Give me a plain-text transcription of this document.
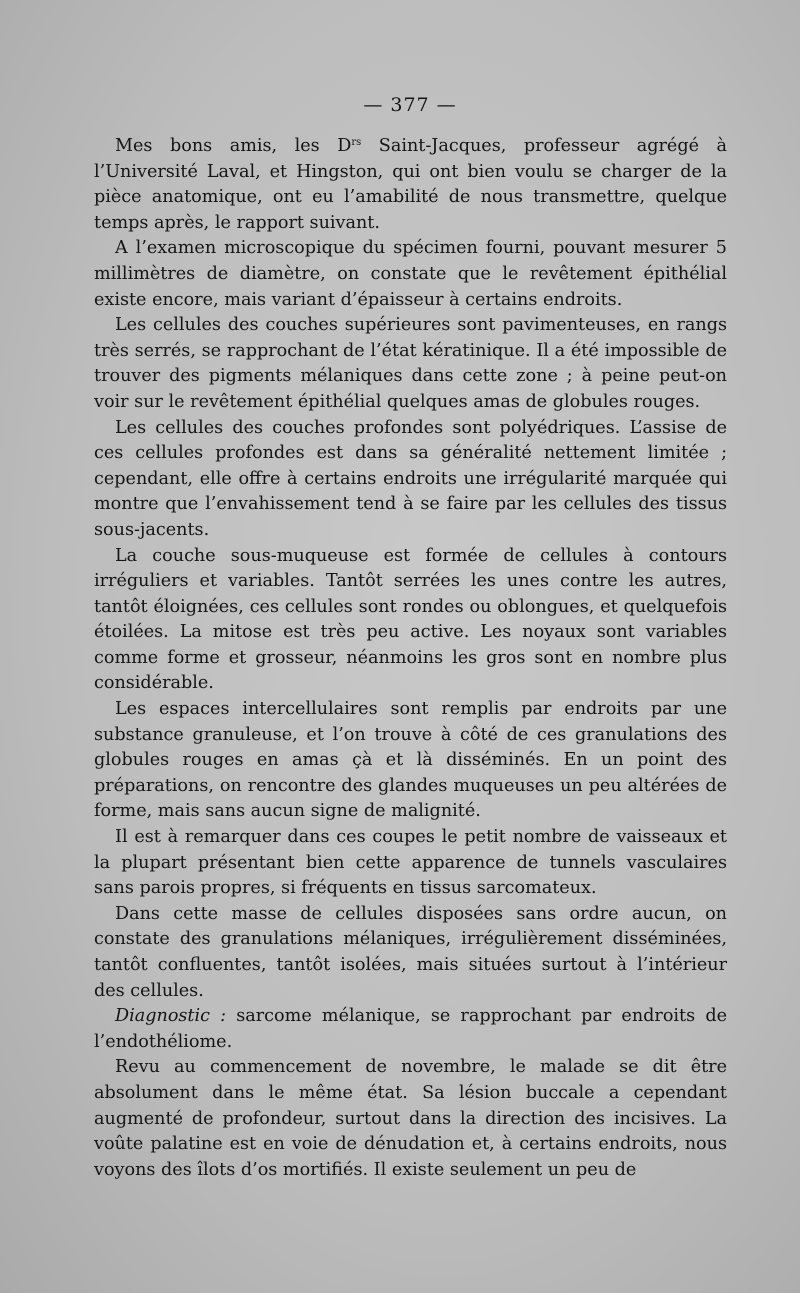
— 377 —

Mes bons amis, les $D^{rs}$ Saint-Jacques, professeur agrégé à l’Université Laval, et Hingston, qui ont bien voulu se charger de la pièce anatomique, ont eu l’amabilité de nous transmettre, quelque temps après, le rapport suivant.

A l’examen microscopique du spécimen fourni, pouvant mesurer 5 millimètres de diamètre, on constate que le revêtement épithélial existe encore, mais variant d’épaisseur à certains endroits.

Les cellules des couches supérieures sont pavimenteuses, en rangs très serrés, se rapprochant de l’état kératinique. Il a été impossible de trouver des pigments mélaniques dans cette zone ; à peine peut-on voir sur le revêtement épithélial quelques amas de globules rouges.

Les cellules des couches profondes sont polyédriques. L’assise de ces cellules profondes est dans sa généralité nettement limitée ; cependant, elle offre à certains endroits une irrégularité marquée qui montre que l’envahissement tend à se faire par les cellules des tissus sous-jacents.

La couche sous-muqueuse est formée de cellules à contours irréguliers et variables. Tantôt serrées les unes contre les autres, tantôt éloignées, ces cellules sont rondes ou oblongues, et quelquefois étoilées. La mitose est très peu active. Les noyaux sont variables comme forme et grosseur, néanmoins les gros sont en nombre plus considérable.

Les espaces intercellulaires sont remplis par endroits par une substance granuleuse, et l’on trouve à côté de ces granulations des globules rouges en amas çà et là disséminés. En un point des préparations, on rencontre des glandes muqueuses un peu altérées de forme, mais sans aucun signe de malignité.

Il est à remarquer dans ces coupes le petit nombre de vaisseaux et la plupart présentant bien cette apparence de tunnels vasculaires sans parois propres, si fréquents en tissus sarcomateux.

Dans cette masse de cellules disposées sans ordre aucun, on constate des granulations mélaniques, irrégulièrement disséminées, tantôt confluentes, tantôt isolées, mais situées surtout à l’intérieur des cellules.

Diagnostic : sarcome mélanique, se rapprochant par endroits de l’endothéliome.

Revu au commencement de novembre, le malade se dit être absolument dans le même état. Sa lésion buccale a cependant augmenté de profondeur, surtout dans la direction des incisives. La voûte palatine est en voie de dénudation et, à certains endroits, nous voyons des îlots d’os mortifiés. Il existe seulement un peu de
